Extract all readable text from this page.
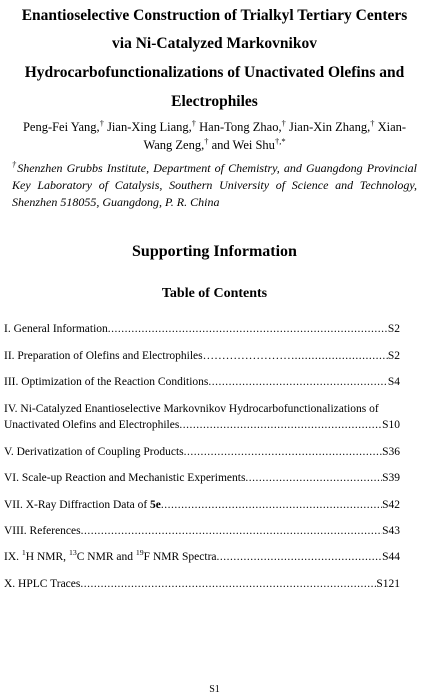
Enantioselective Construction of Trialkyl Tertiary Centers
via Ni-Catalyzed Markovnikov
Hydrocarbofunctionalizations of Unactivated Olefins and
Electrophiles
Peng-Fei Yang,† Jian-Xing Liang,† Han-Tong Zhao,† Jian-Xin Zhang,† Xian-Wang Zeng,† and Wei Shu†,*
†Shenzhen Grubbs Institute, Department of Chemistry, and Guangdong Provincial Key Laboratory of Catalysis, Southern University of Science and Technology, Shenzhen 518055, Guangdong, P. R. China
Supporting Information
Table of Contents
I. General Information .....	S2
II. Preparation of Olefins and Electrophiles…………………… .....	S2
III. Optimization of the Reaction Conditions .....	S4
IV. Ni-Catalyzed Enantioselective Markovnikov Hydrocarbofunctionalizations of
Unactivated Olefins and Electrophiles .....	S10
V. Derivatization of Coupling Products .....	S36
VI. Scale-up Reaction and Mechanistic Experiments .....	S39
VII. X-Ray Diffraction Data of 5e .....	S42
VIII. References .....	S43
IX. $^1$H NMR, $^{13}$C NMR and $^{19}$F NMR Spectra .....	S44
X. HPLC Traces .....	S121
S1
